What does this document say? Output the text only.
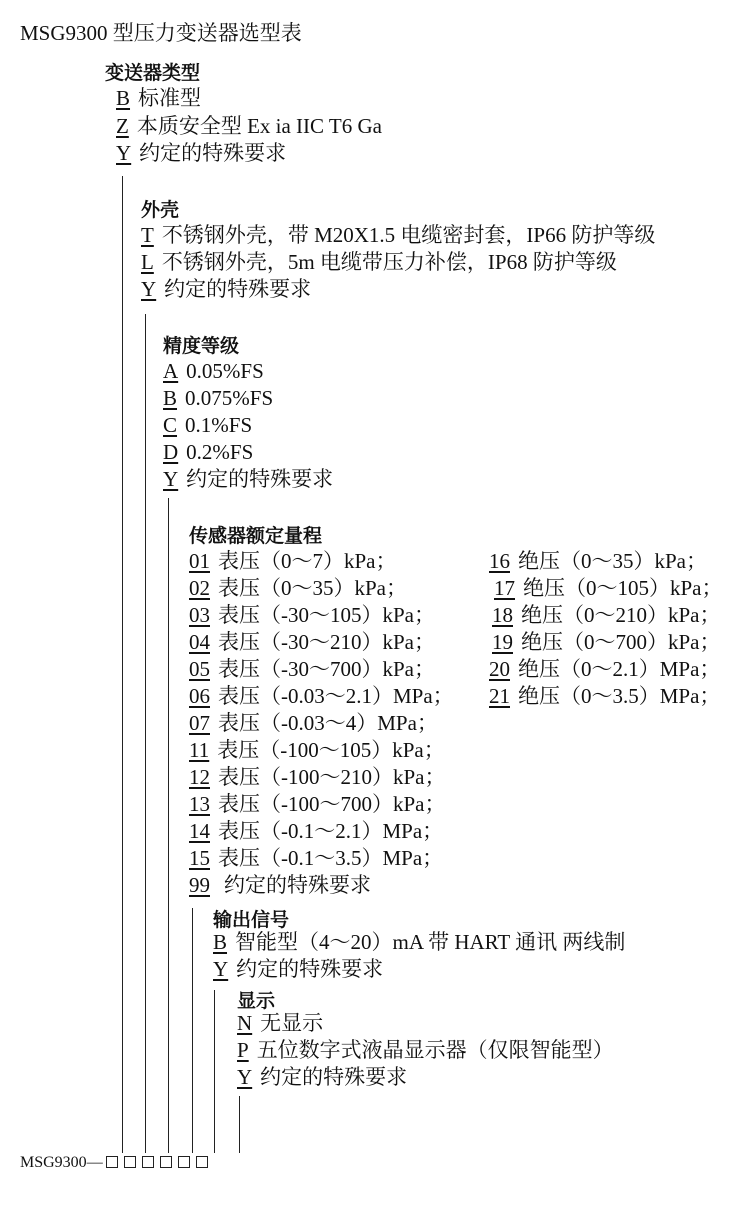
MSG9300 型压力变送器选型表
变送器类型
B 标准型
Z 本质安全型 Ex ia IIC T6 Ga
Y 约定的特殊要求
外壳
T 不锈钢外壳，带 M20X1.5 电缆密封套，IP66 防护等级
L 不锈钢外壳，5m 电缆带压力补偿，IP68 防护等级
Y 约定的特殊要求
精度等级
A 0.05%FS
B 0.075%FS
C 0.1%FS
D 0.2%FS
Y 约定的特殊要求
传感器额定量程
01 表压（0～7）kPa；
02 表压（0～35）kPa；
03 表压（-30～105）kPa；
04 表压（-30～210）kPa；
05 表压（-30～700）kPa；
06 表压（-0.03～2.1）MPa；
07 表压（-0.03～4）MPa；
11 表压（-100～105）kPa；
12 表压（-100～210）kPa；
13 表压（-100～700）kPa；
14 表压（-0.1～2.1）MPa；
15 表压（-0.1～3.5）MPa；
99 约定的特殊要求
16 绝压（0～35）kPa；
17 绝压（0～105）kPa；
18 绝压（0～210）kPa；
19 绝压（0～700）kPa；
20 绝压（0～2.1）MPa；
21 绝压（0～3.5）MPa；
输出信号
B 智能型（4～20）mA 带 HART 通讯 两线制
Y 约定的特殊要求
显示
N 无显示
P 五位数字式液晶显示器（仅限智能型）
Y 约定的特殊要求
MSG9300—
